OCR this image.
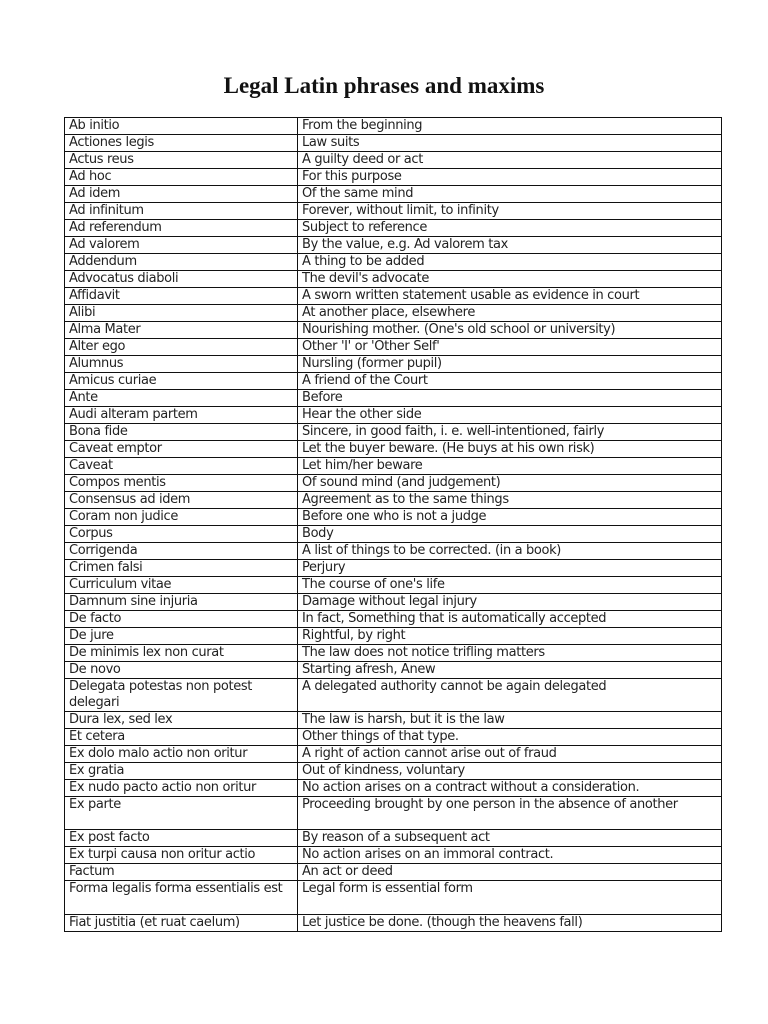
Legal Latin phrases and maxims
Ab initio	From the beginning
Actiones legis	Law suits
Actus reus	A guilty deed or act
Ad hoc	For this purpose
Ad idem	Of the same mind
Ad infinitum	Forever, without limit, to infinity
Ad referendum	Subject to reference
Ad valorem	By the value, e.g. Ad valorem tax
Addendum	A thing to be added
Advocatus diaboli	The devil's advocate
Affidavit	A sworn written statement usable as evidence in court
Alibi	At another place, elsewhere
Alma Mater	Nourishing mother. (One's old school or university)
Alter ego	Other 'I' or 'Other Self'
Alumnus	Nursling (former pupil)
Amicus curiae	A friend of the Court
Ante	Before
Audi alteram partem	Hear the other side
Bona fide	Sincere, in good faith, i. e. well-intentioned, fairly
Caveat emptor	Let the buyer beware. (He buys at his own risk)
Caveat	Let him/her beware
Compos mentis	Of sound mind (and judgement)
Consensus ad idem	Agreement as to the same things
Coram non judice	Before one who is not a judge
Corpus	Body
Corrigenda	A list of things to be corrected. (in a book)
Crimen falsi	Perjury
Curriculum vitae	The course of one's life
Damnum sine injuria	Damage without legal injury
De facto	In fact, Something that is automatically accepted
De jure	Rightful, by right
De minimis lex non curat	The law does not notice trifling matters
De novo	Starting afresh, Anew
Delegata potestas non potest delegari	A delegated authority cannot be again delegated
Dura lex, sed lex	The law is harsh, but it is the law
Et cetera	Other things of that type.
Ex dolo malo actio non oritur	A right of action cannot arise out of fraud
Ex gratia	Out of kindness, voluntary
Ex nudo pacto actio non oritur	No action arises on a contract without a consideration.
Ex parte	Proceeding brought by one person in the absence of another
Ex post facto	By reason of a subsequent act
Ex turpi causa non oritur actio	No action arises on an immoral contract.
Factum	An act or deed
Forma legalis forma essentialis est	Legal form is essential form
Fiat justitia (et ruat caelum)	Let justice be done. (though the heavens fall)
